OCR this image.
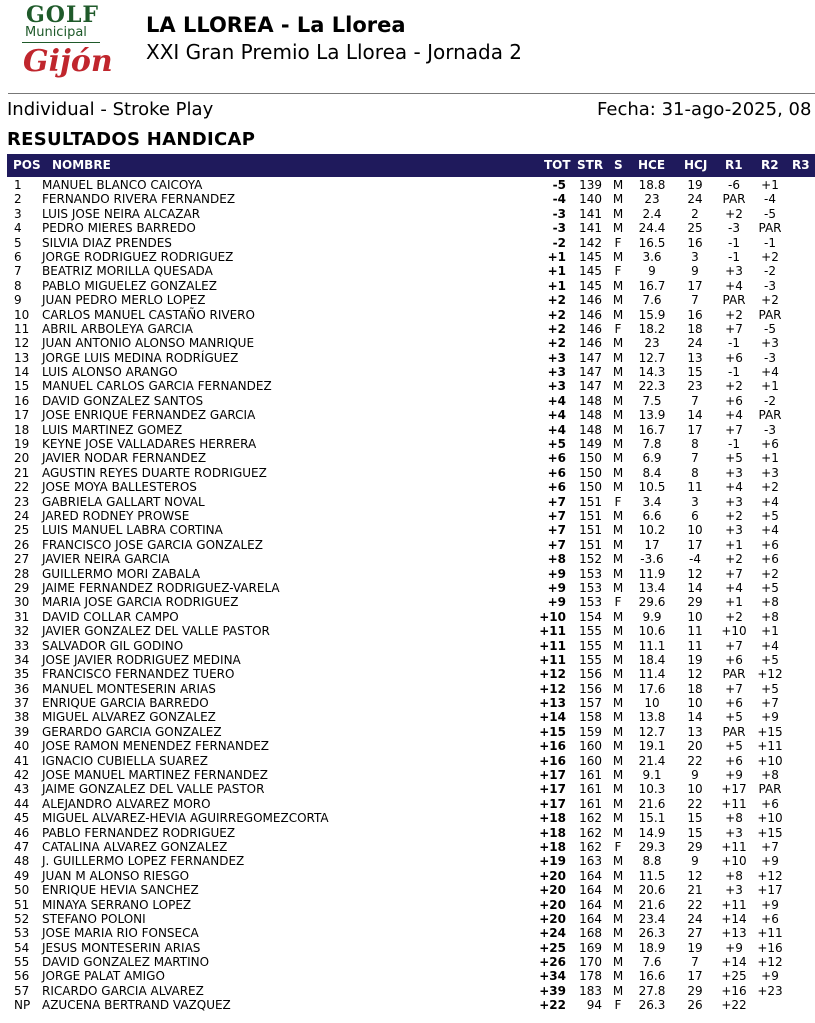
GOLF
Municipal
Gijón
LA LLOREA - La Llorea
XXI Gran Premio La Llorea - Jornada 2
Individual - Stroke Play	Fecha: 31-ago-2025, 08
RESULTADOS HANDICAP
POS NOMBRE	TOT STR S HCE HCJ R1 R2 R3
1 MANUEL BLANCO CAICOYA	-5	139 M	18.8	19	-6	+1
2 FERNANDO RIVERA FERNANDEZ	-4	140 M	23	24	PAR	-4
3 LUIS JOSE NEIRA ALCAZAR	-3	141 M	2.4	2	+2	-5
4 PEDRO MIERES BARREDO	-3	141 M	24.4	25	-3	PAR
5 SILVIA DIAZ PRENDES	-2	142 F	16.5	16	-1	-1
6 JORGE RODRIGUEZ RODRIGUEZ	+1	145 M	3.6	3	-1	+2
7 BEATRIZ MORILLA QUESADA	+1	145 F	9	9	+3	-2
8 PABLO MIGUELEZ GONZALEZ	+1	145 M	16.7	17	+4	-3
9 JUAN PEDRO MERLO LOPEZ	+2	146 M	7.6	7	PAR	+2
10 CARLOS MANUEL CASTAÑO RIVERO	+2	146 M	15.9	16	+2	PAR
11 ABRIL ARBOLEYA GARCIA	+2	146 F	18.2	18	+7	-5
12 JUAN ANTONIO ALONSO MANRIQUE	+2	146 M	23	24	-1	+3
13 JORGE LUIS MEDINA RODRÍGUEZ	+3	147 M	12.7	13	+6	-3
14 LUIS ALONSO ARANGO	+3	147 M	14.3	15	-1	+4
15 MANUEL CARLOS GARCIA FERNANDEZ	+3	147 M	22.3	23	+2	+1
16 DAVID GONZALEZ SANTOS	+4	148 M	7.5	7	+6	-2
17 JOSE ENRIQUE FERNANDEZ GARCIA	+4	148 M	13.9	14	+4	PAR
18 LUIS MARTINEZ GOMEZ	+4	148 M	16.7	17	+7	-3
19 KEYNE JOSE VALLADARES HERRERA	+5	149 M	7.8	8	-1	+6
20 JAVIER NODAR FERNANDEZ	+6	150 M	6.9	7	+5	+1
21 AGUSTIN REYES DUARTE RODRIGUEZ	+6	150 M	8.4	8	+3	+3
22 JOSE MOYA BALLESTEROS	+6	150 M	10.5	11	+4	+2
23 GABRIELA GALLART NOVAL	+7	151 F	3.4	3	+3	+4
24 JARED RODNEY PROWSE	+7	151 M	6.6	6	+2	+5
25 LUIS MANUEL LABRA CORTINA	+7	151 M	10.2	10	+3	+4
26 FRANCISCO JOSE GARCIA GONZALEZ	+7	151 M	17	17	+1	+6
27 JAVIER NEIRA GARCIA	+8	152 M	-3.6	-4	+2	+6
28 GUILLERMO MORI ZABALA	+9	153 M	11.9	12	+7	+2
29 JAIME FERNANDEZ RODRIGUEZ-VARELA	+9	153 M	13.4	14	+4	+5
30 MARIA JOSE GARCIA RODRIGUEZ	+9	153 F	29.6	29	+1	+8
31 DAVID COLLAR CAMPO	+10	154 M	9.9	10	+2	+8
32 JAVIER GONZALEZ DEL VALLE PASTOR	+11	155 M	10.6	11	+10	+1
33 SALVADOR GIL GODINO	+11	155 M	11.1	11	+7	+4
34 JOSE JAVIER RODRIGUEZ MEDINA	+11	155 M	18.4	19	+6	+5
35 FRANCISCO FERNANDEZ TUERO	+12	156 M	11.4	12	PAR +12
36 MANUEL MONTESERIN ARIAS	+12	156 M	17.6	18	+7	+5
37 ENRIQUE GARCIA BARREDO	+13	157 M	10	10	+6	+7
38 MIGUEL ALVAREZ GONZALEZ	+14	158 M	13.8	14	+5	+9
39 GERARDO GARCIA GONZALEZ	+15	159 M	12.7	13	PAR +15
40 JOSE RAMON MENENDEZ FERNANDEZ	+16	160 M	19.1	20	+5	+11
41 IGNACIO CUBIELLA SUAREZ	+16	160 M	21.4	22	+6	+10
42 JOSE MANUEL MARTINEZ FERNANDEZ	+17	161 M	9.1	9	+9	+8
43 JAIME GONZALEZ DEL VALLE PASTOR	+17	161 M	10.3	10	+17 PAR
44 ALEJANDRO ALVAREZ MORO	+17	161 M	21.6	22	+11	+6
45 MIGUEL ALVAREZ-HEVIA AGUIRREGOMEZCORTA	+18	162 M	15.1	15	+8	+10
46 PABLO FERNANDEZ RODRIGUEZ	+18	162 M	14.9	15	+3	+15
47 CATALINA ALVAREZ GONZALEZ	+18	162 F	29.3	29	+11	+7
48 J. GUILLERMO LOPEZ FERNANDEZ	+19	163 M	8.8	9	+10	+9
49 JUAN M ALONSO RIESGO	+20	164 M	11.5	12	+8	+12
50 ENRIQUE HEVIA SANCHEZ	+20	164 M	20.6	21	+3	+17
51 MINAYA SERRANO LOPEZ	+20	164 M	21.6	22	+11	+9
52 STEFANO POLONI	+20	164 M	23.4	24	+14	+6
53 JOSE MARIA RIO FONSECA	+24	168 M	26.3	27	+13 +11
54 JESUS MONTESERIN ARIAS	+25	169 M	18.9	19	+9	+16
55 DAVID GONZALEZ MARTINO	+26	170 M	7.6	7	+14 +12
56 JORGE PALAT AMIGO	+34	178 M	16.6	17	+25	+9
57 RICARDO GARCIA ALVAREZ	+39	183 M	27.8	29	+16 +23
NP AZUCENA BERTRAND VAZQUEZ	+22	94 F	26.3	26	+22
